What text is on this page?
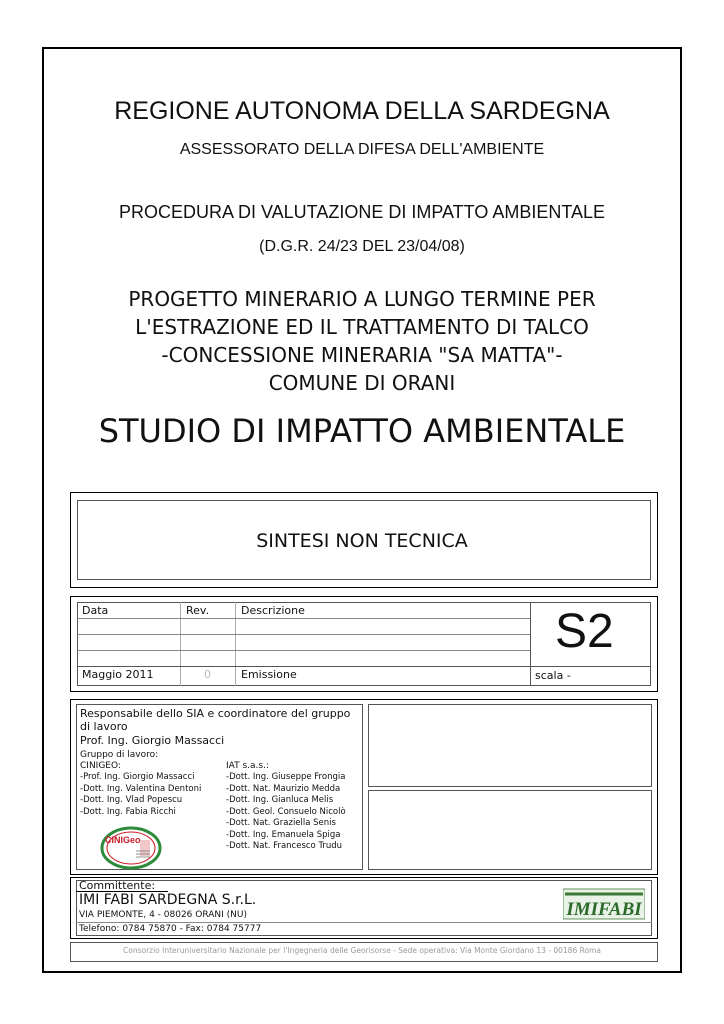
REGIONE AUTONOMA DELLA SARDEGNA
ASSESSORATO DELLA DIFESA DELL'AMBIENTE
PROCEDURA DI VALUTAZIONE DI IMPATTO AMBIENTALE
(D.G.R. 24/23 DEL 23/04/08)
PROGETTO MINERARIO A LUNGO TERMINE PER
L'ESTRAZIONE ED IL TRATTAMENTO DI TALCO
-CONCESSIONE MINERARIA "SA MATTA"-
COMUNE DI ORANI
STUDIO DI IMPATTO AMBIENTALE
SINTESI NON TECNICA
Data	Rev.	Descrizione
Maggio 2011	0	Emissione
S2
scala -
Responsabile dello SIA e coordinatore del gruppo
di lavoro
Prof. Ing. Giorgio Massacci
Gruppo di lavoro:
CINIGEO:
-Prof. Ing. Giorgio Massacci
-Dott. Ing. Valentina Dentoni
-Dott. Ing. Vlad Popescu
-Dott. Ing. Fabia Ricchi
IAT s.a.s.:
-Dott. Ing. Giuseppe Frongia
-Dott. Nat. Maurizio Medda
-Dott. Ing. Gianluca Melis
-Dott. Geol. Consuelo Nicolò
-Dott. Nat. Graziella Senis
-Dott. Ing. Emanuela Spiga
-Dott. Nat. Francesco Trudu
CINIGeo
Committente:
IMI FABI SARDEGNA S.r.L.
VIA PIEMONTE, 4 - 08026 ORANI (NU)
Telefono: 0784 75870 - Fax: 0784 75777
IMIFABI
Consorzio Interuniversitario Nazionale per l'Ingegneria delle Georisorse - Sede operativa: Via Monte Giordano 13 - 00186 Roma
